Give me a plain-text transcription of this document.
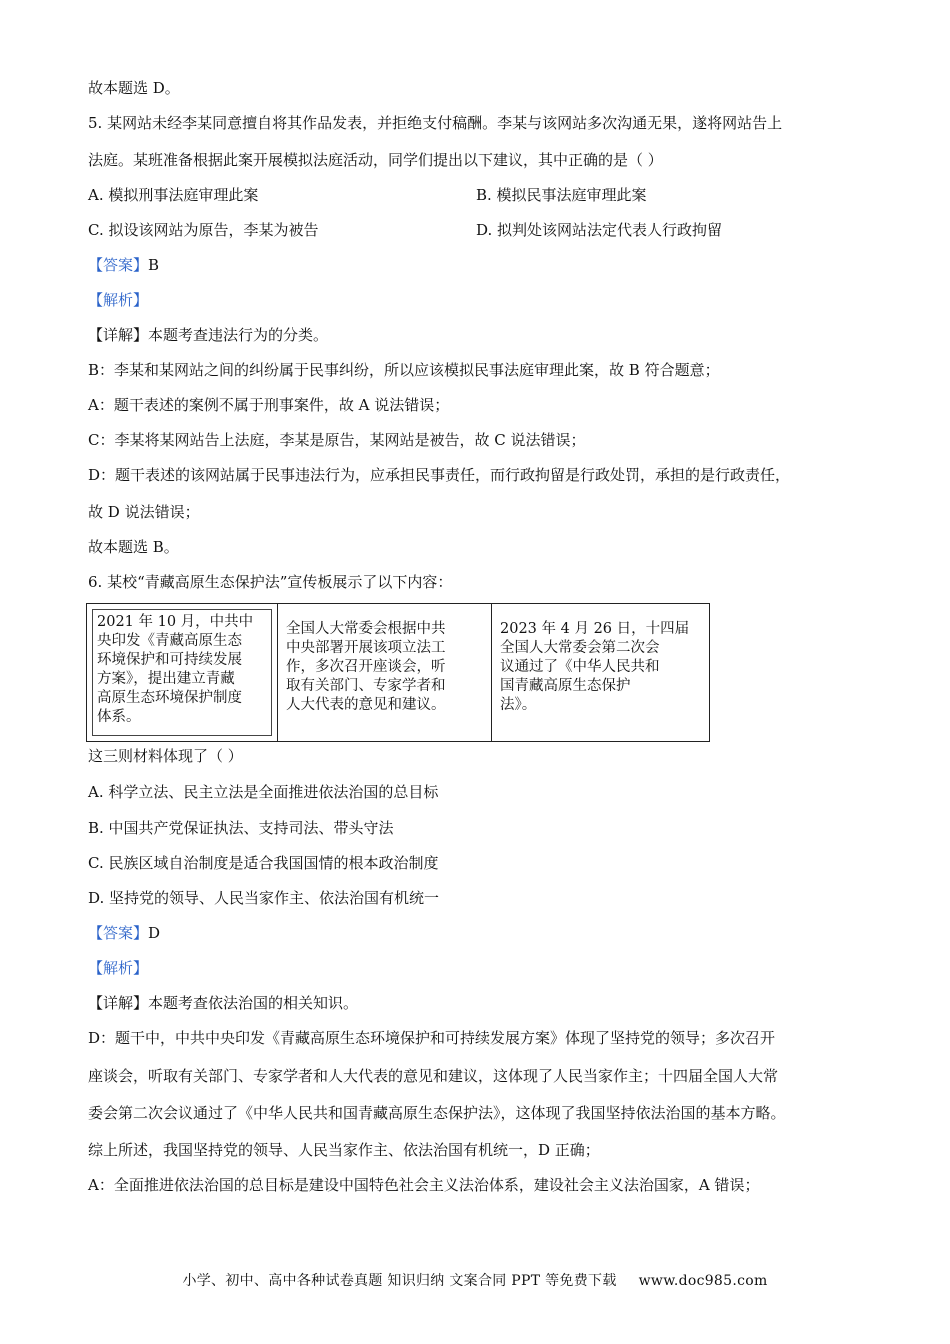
故本题选 D。
5. 某网站未经李某同意擅自将其作品发表，并拒绝支付稿酬。李某与该网站多次沟通无果，遂将网站告上
法庭。某班准备根据此案开展模拟法庭活动，同学们提出以下建议，其中正确的是（ ）
A. 模拟刑事法庭审理此案	B. 模拟民事法庭审理此案
C. 拟设该网站为原告，李某为被告	D. 拟判处该网站法定代表人行政拘留
【答案】B
【解析】
【详解】本题考查违法行为的分类。
B：李某和某网站之间的纠纷属于民事纠纷，所以应该模拟民事法庭审理此案，故 B 符合题意；
A：题干表述的案例不属于刑事案件，故 A 说法错误；
C：李某将某网站告上法庭，李某是原告，某网站是被告，故 C 说法错误；
D：题干表述的该网站属于民事违法行为，应承担民事责任，而行政拘留是行政处罚，承担的是行政责任，
故 D 说法错误；
故本题选 B。
6. 某校“青藏高原生态保护法”宣传板展示了以下内容：
2021 年 10 月，中共中
央印发《青藏高原生态
环境保护和可持续发展
方案》，提出建立青藏
高原生态环境保护制度
体系。
全国人大常委会根据中共
中央部署开展该项立法工
作，多次召开座谈会，听
取有关部门、专家学者和
人大代表的意见和建议。
2023 年 4 月 26 日，十四届
全国人大常委会第二次会
议通过了《中华人民共和
国青藏高原生态保护
法》。
这三则材料体现了（ ）
A. 科学立法、民主立法是全面推进依法治国的总目标
B. 中国共产党保证执法、支持司法、带头守法
C. 民族区域自治制度是适合我国国情的根本政治制度
D. 坚持党的领导、人民当家作主、依法治国有机统一
【答案】D
【解析】
【详解】本题考查依法治国的相关知识。
D：题干中，中共中央印发《青藏高原生态环境保护和可持续发展方案》体现了坚持党的领导；多次召开
座谈会，听取有关部门、专家学者和人大代表的意见和建议，这体现了人民当家作主；十四届全国人大常
委会第二次会议通过了《中华人民共和国青藏高原生态保护法》，这体现了我国坚持依法治国的基本方略。
综上所述，我国坚持党的领导、人民当家作主、依法治国有机统一，D 正确；
A：全面推进依法治国的总目标是建设中国特色社会主义法治体系，建设社会主义法治国家，A 错误；
小学、初中、高中各种试卷真题 知识归纳 文案合同 PPT 等免费下载 www.doc985.com
